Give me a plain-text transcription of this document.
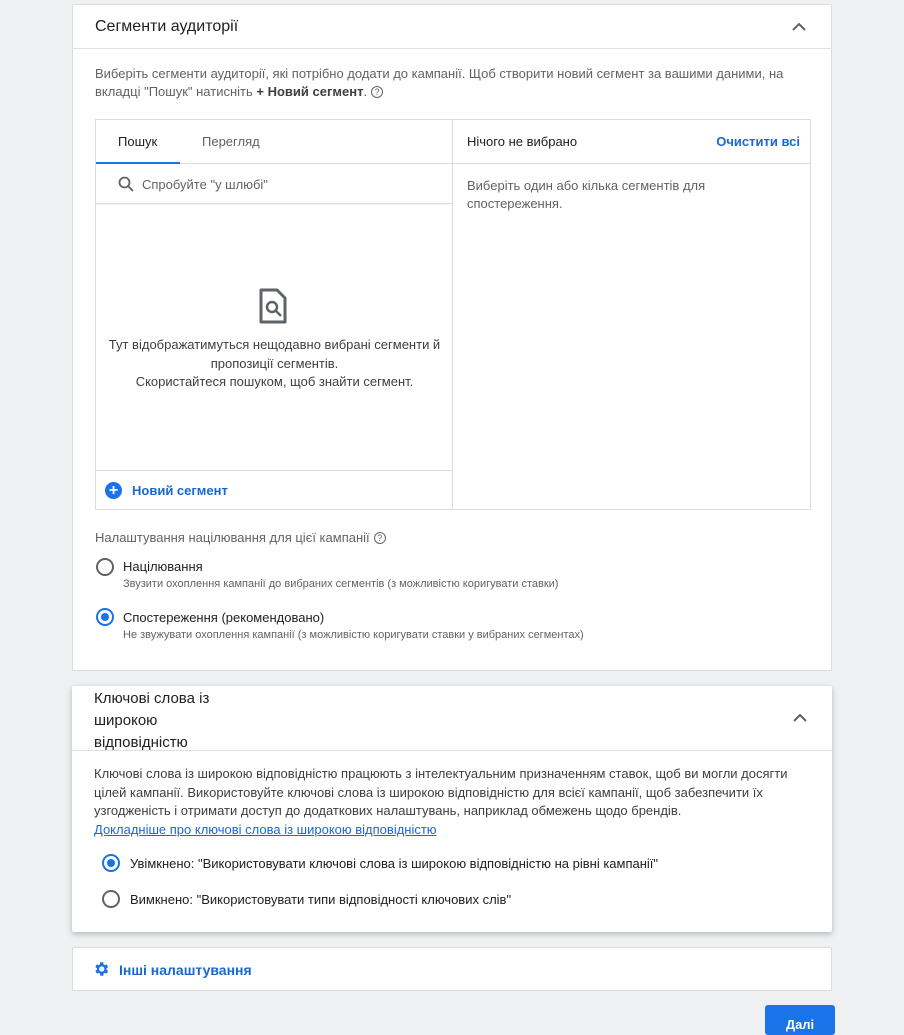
Сегменти аудиторії
Виберіть сегменти аудиторії, які потрібно додати до кампанії. Щоб створити новий сегмент за вашими даними, на вкладці "Пошук" натисніть + Новий сегмент. ?
Пошук	Перегляд
Спробуйте "у шлюбі"

Тут відображатимуться нещодавно вибрані сегменти й
пропозиції сегментів.
Скористайтеся пошуком, щоб знайти сегмент.

+ Новий сегмент
Нічого не вибрано	Очистити всі
Виберіть один або кілька сегментів для спостереження.
Налаштування націлювання для цієї кампанії ?
Націлювання
Звузити охоплення кампанії до вибраних сегментів (з можливістю коригувати ставки)
Спостереження (рекомендовано)
Не звужувати охоплення кампанії (з можливістю коригувати ставки у вибраних сегментах)
Ключові слова із широкою відповідністю
Ключові слова із широкою відповідністю працюють з інтелектуальним призначенням ставок, щоб ви могли досягти цілей кампанії. Використовуйте ключові слова із широкою відповідністю для всієї кампанії, щоб забезпечити їх узгодженість і отримати доступ до додаткових налаштувань, наприклад обмежень щодо брендів.
Докладніше про ключові слова із широкою відповідністю
Увімкнено: "Використовувати ключові слова із широкою відповідністю на рівні кампанії"
Вимкнено: "Використовувати типи відповідності ключових слів"
Інші налаштування
Далі
